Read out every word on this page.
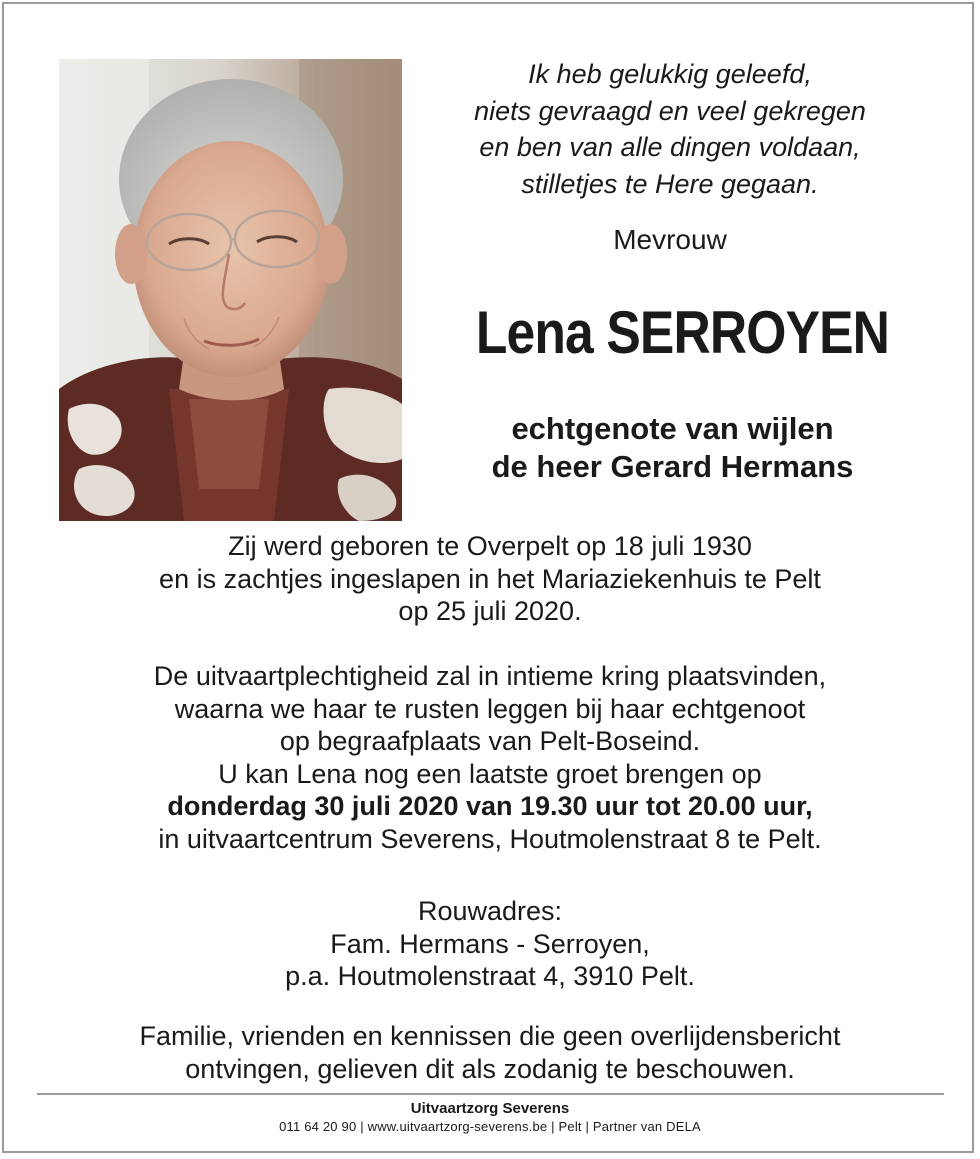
Ik heb gelukkig geleefd,
niets gevraagd en veel gekregen
en ben van alle dingen voldaan,
stilletjes te Here gegaan.
Mevrouw
Lena SERROYEN
echtgenote van wijlen
de heer Gerard Hermans
Zij werd geboren te Overpelt op 18 juli 1930
en is zachtjes ingeslapen in het Mariaziekenhuis te Pelt
op 25 juli 2020.
De uitvaartplechtigheid zal in intieme kring plaatsvinden,
waarna we haar te rusten leggen bij haar echtgenoot
op begraafplaats van Pelt-Boseind.
U kan Lena nog een laatste groet brengen op
donderdag 30 juli 2020 van 19.30 uur tot 20.00 uur,
in uitvaartcentrum Severens, Houtmolenstraat 8 te Pelt.
Rouwadres:
Fam. Hermans - Serroyen,
p.a. Houtmolenstraat 4, 3910 Pelt.
Familie, vrienden en kennissen die geen overlijdensbericht
ontvingen, gelieven dit als zodanig te beschouwen.
Uitvaartzorg Severens
011 64 20 90 | www.uitvaartzorg-severens.be | Pelt | Partner van DELA
